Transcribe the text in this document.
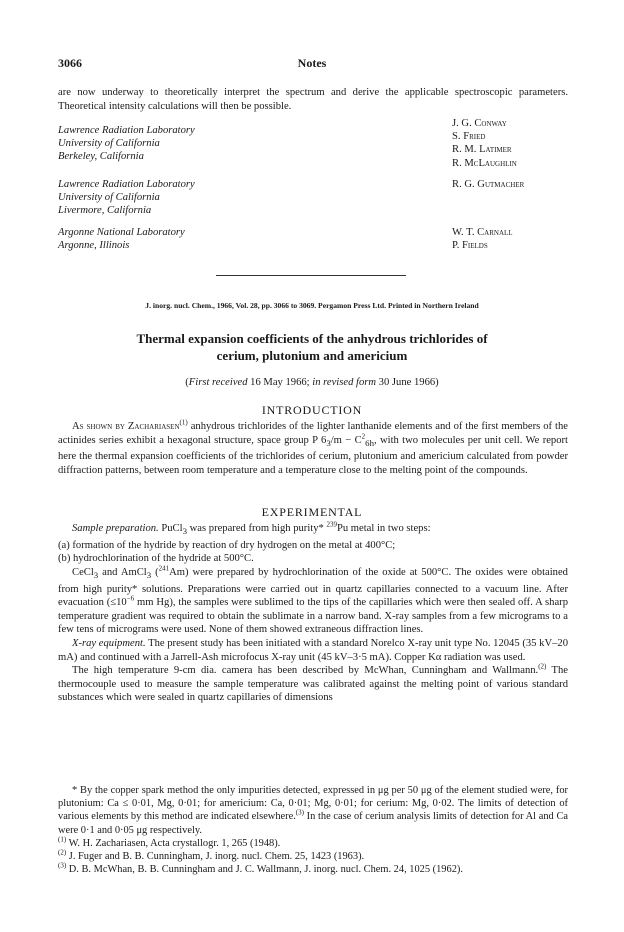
3066	Notes
are now underway to theoretically interpret the spectrum and derive the applicable spectroscopic parameters. Theoretical intensity calculations will then be possible.
Lawrence Radiation Laboratory
University of California
Berkeley, California
J. G. Conway
S. Fried
R. M. Latimer
R. McLaughlin
Lawrence Radiation Laboratory
University of California
Livermore, California
R. G. Gutmacher
Argonne National Laboratory
Argonne, Illinois
W. T. Carnall
P. Fields
J. inorg. nucl. Chem., 1966, Vol. 28, pp. 3066 to 3069. Pergamon Press Ltd. Printed in Northern Ireland
Thermal expansion coefficients of the anhydrous trichlorides of
cerium, plutonium and americium
(First received 16 May 1966; in revised form 30 June 1966)
INTRODUCTION

As shown by Zachariasen$^{(1)}$ anhydrous trichlorides of the lighter lanthanide elements and of the first members of the actinides series exhibit a hexagonal structure, space group P $6_3/m - C^2_{6h}$, with two molecules per unit cell. We report here the thermal expansion coefficients of the trichlorides of cerium, plutonium and americium calculated from powder diffraction patterns, between room temperature and a temperature close to the melting point of the compounds.

EXPERIMENTAL

Sample preparation. PuCl$_3$ was prepared from high purity* $^{239}$Pu metal in two steps:

(a) formation of the hydride by reaction of dry hydrogen on the metal at 400°C;

(b) hydrochlorination of the hydride at 500°C.

CeCl$_3$ and AmCl$_3$ ($^{241}$Am) were prepared by hydrochlorination of the oxide at 500°C. The oxides were obtained from high purity* solutions. Preparations were carried out in quartz capillaries connected to a vacuum line. After evacuation ($\le 10^{-6}$ mm Hg), the samples were sublimed to the tips of the capillaries which were then sealed off. A sharp temperature gradient was required to obtain the sublimate in a narrow band. X-ray samples from a few micrograms to a few tens of micrograms were used. None of them showed extraneous diffraction lines.

X-ray equipment. The present study has been initiated with a standard Norelco X-ray unit type No. 12045 (35 kV–20 mA) and continued with a Jarrell-Ash microfocus X-ray unit (45 kV–3·5 mA). Copper Kα radiation was used.

The high temperature 9-cm dia. camera has been described by McWhan, Cunningham and Wallmann.$^{(2)}$ The thermocouple used to measure the sample temperature was calibrated against the melting point of various standard substances which were sealed in quartz capillaries of dimensions

* By the copper spark method the only impurities detected, expressed in μg per 50 μg of the element studied were, for plutonium: Ca ≤ 0·01, Mg, 0·01; for americium: Ca, 0·01; Mg, 0·01; for cerium: Mg, 0·02. The limits of detection of various elements by this method are indicated elsewhere.$^{(3)}$ In the case of cerium analysis limits of detection for Al and Ca were 0·1 and 0·05 μg respectively.

$^{(1)}$ W. H. Zachariasen, Acta crystallogr. 1, 265 (1948).

$^{(2)}$ J. Fuger and B. B. Cunningham, J. inorg. nucl. Chem. 25, 1423 (1963).

$^{(3)}$ D. B. McWhan, B. B. Cunningham and J. C. Wallmann, J. inorg. nucl. Chem. 24, 1025 (1962).
